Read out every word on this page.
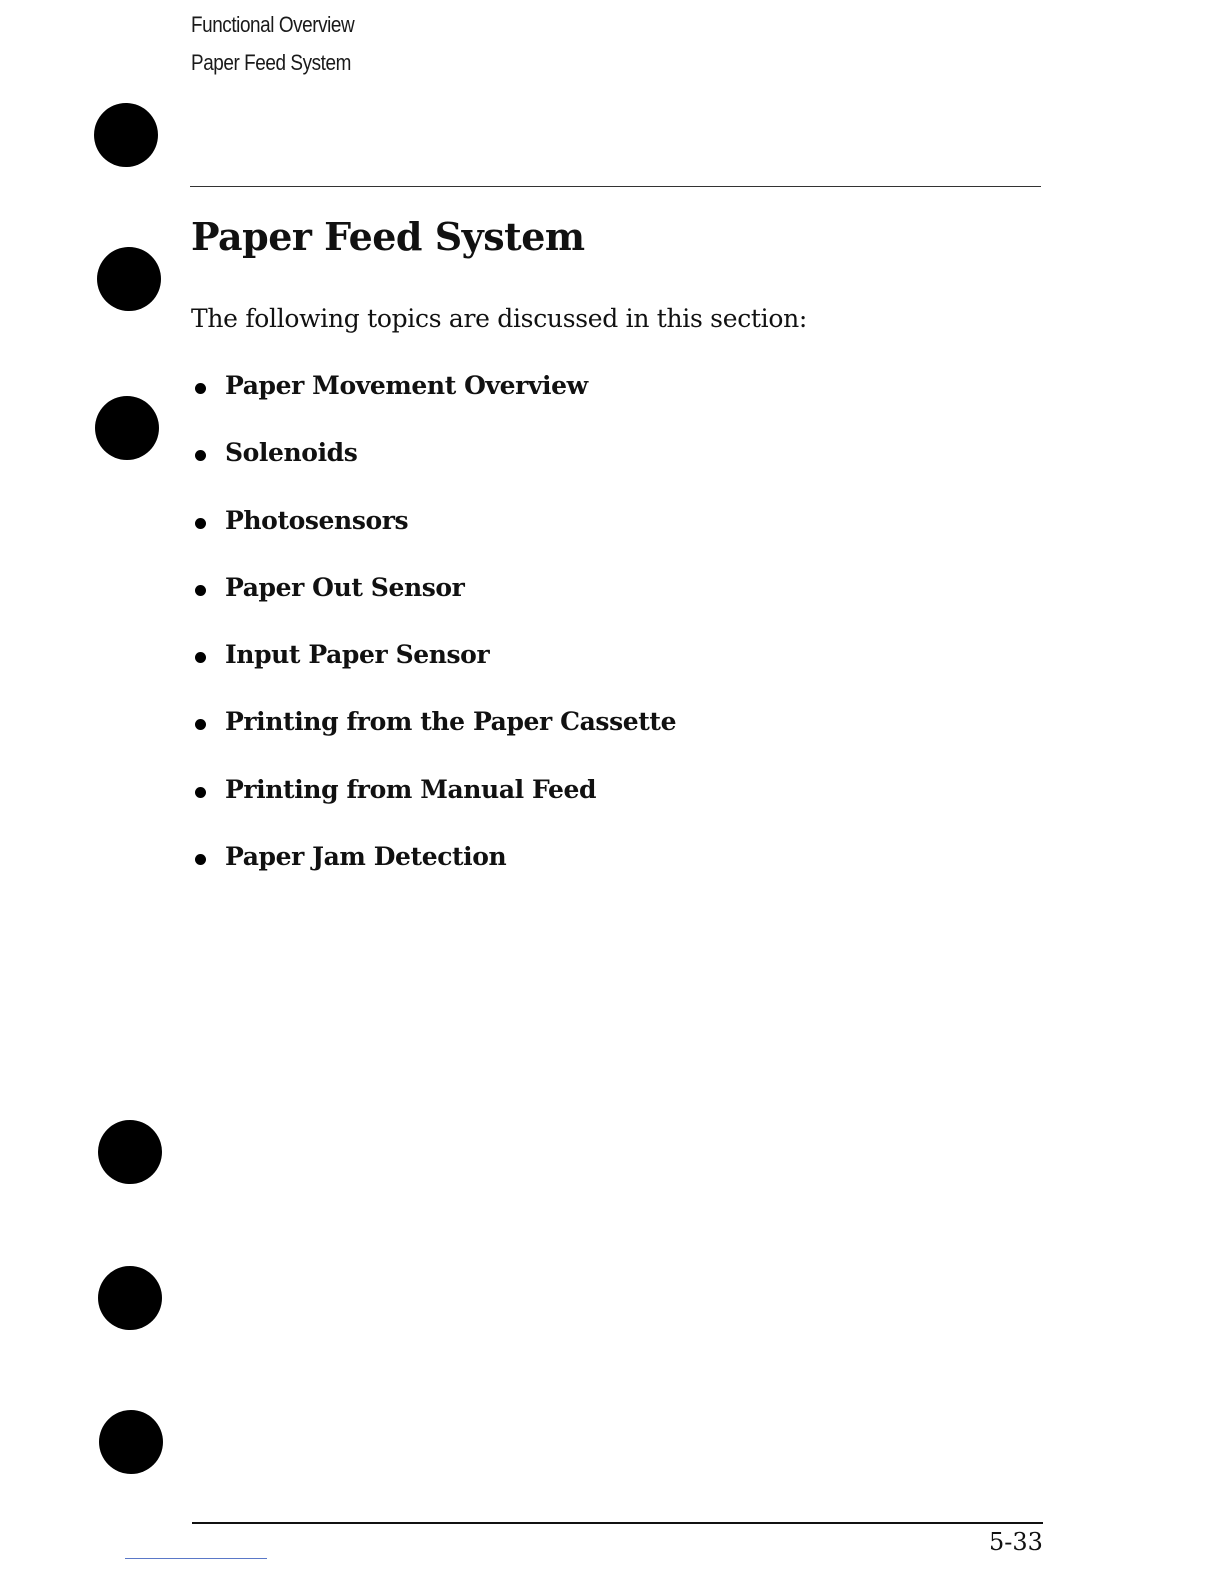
Functional Overview
Paper Feed System
Paper Feed System

The following topics are discussed in this section:

Paper Movement Overview
Solenoids
Photosensors
Paper Out Sensor
Input Paper Sensor
Printing from the Paper Cassette
Printing from Manual Feed
Paper Jam Detection
5-33
